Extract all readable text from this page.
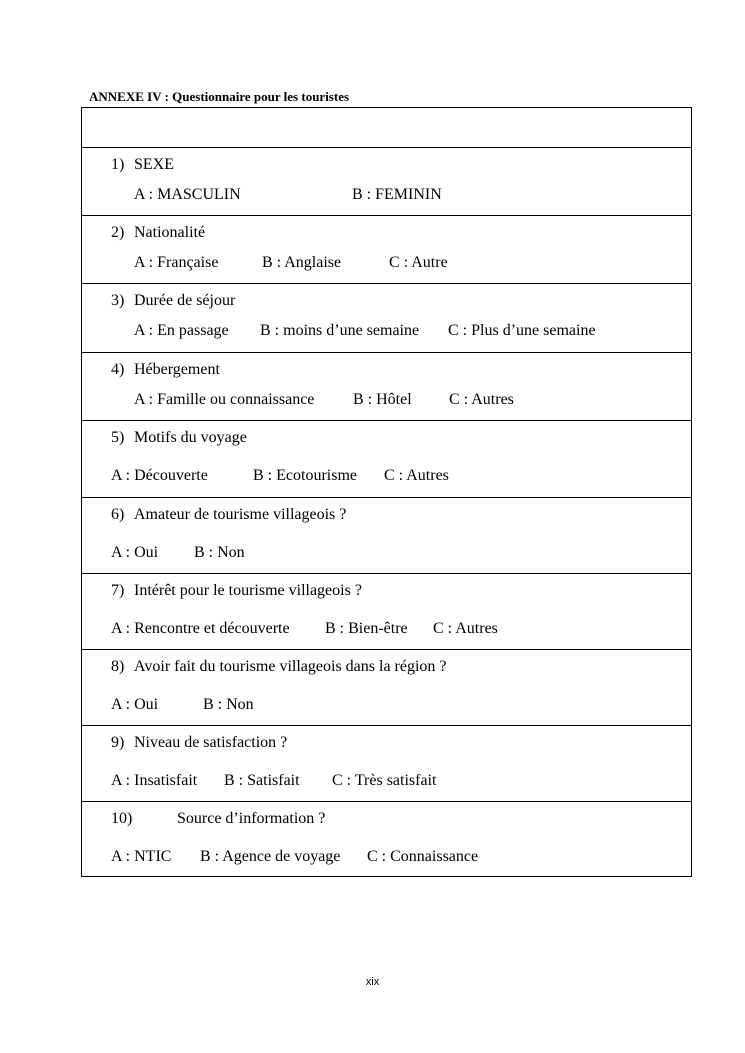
ANNEXE IV : Questionnaire pour les touristes
1) SEXE
A : MASCULIN	B : FEMININ
2) Nationalité
A : Française	B : Anglaise	C : Autre
3) Durée de séjour
A : En passage B : moins d’une semaine C : Plus d’une semaine
4) Hébergement
A : Famille ou connaissance B : Hôtel C : Autres
5) Motifs du voyage
A : Découverte	B : Ecotourisme C : Autres
6) Amateur de tourisme villageois ?
A : Oui B : Non
7) Intérêt pour le tourisme villageois ?
A : Rencontre et découverte B : Bien-être C : Autres
8) Avoir fait du tourisme villageois dans la région ?
A : Oui	B : Non
9) Niveau de satisfaction ?
A : Insatisfait B : Satisfait C : Très satisfait
10)	Source d’information ?
A : NTIC B : Agence de voyage C : Connaissance
xix
